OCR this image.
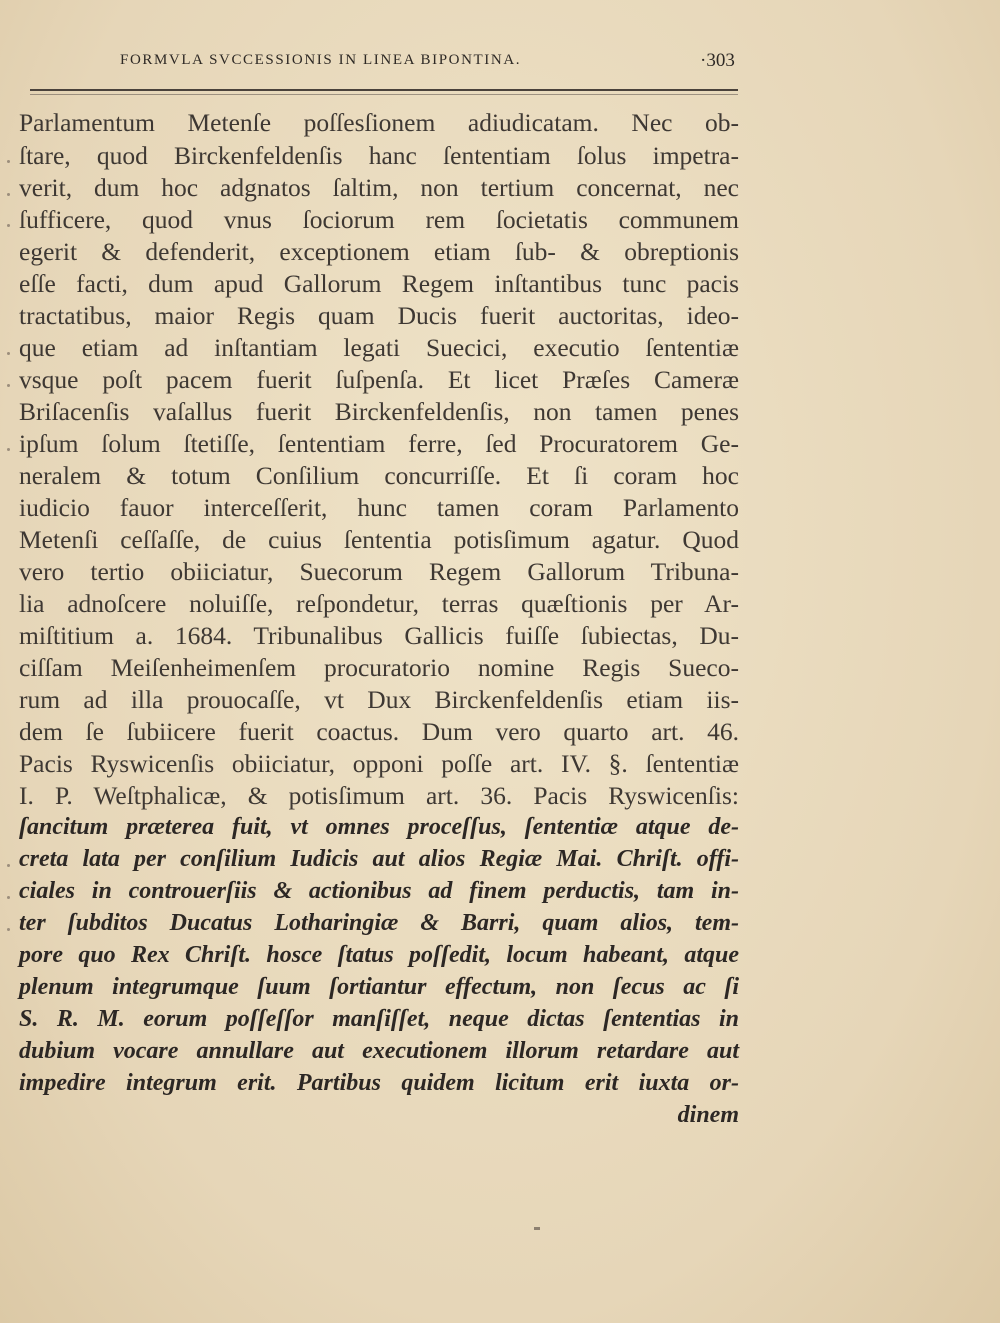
FORMVLA SVCCESSIONIS IN LINEA BIPONTINA.	·303
Parlamentum Metenſe poſſesſionem adiudicatam. Nec ob-
ſtare, quod Birckenfeldenſis hanc ſententiam ſolus impetra-
verit, dum hoc adgnatos ſaltim, non tertium concernat, nec
ſufficere, quod vnus ſociorum rem ſocietatis communem
egerit & defenderit, exceptionem etiam ſub- & obreptionis
eſſe facti, dum apud Gallorum Regem inſtantibus tunc pacis
tractatibus, maior Regis quam Ducis fuerit auctoritas, ideo-
que etiam ad inſtantiam legati Suecici, executio ſententiæ
vsque poſt pacem fuerit ſuſpenſa. Et licet Præſes Cameræ
Briſacenſis vaſallus fuerit Birckenfeldenſis, non tamen penes
ipſum ſolum ſtetiſſe, ſententiam ferre, ſed Procuratorem Ge-
neralem & totum Conſilium concurriſſe. Et ſi coram hoc
iudicio fauor interceſſerit, hunc tamen coram Parlamento
Metenſi ceſſaſſe, de cuius ſententia potisſimum agatur. Quod
vero tertio obiiciatur, Suecorum Regem Gallorum Tribuna-
lia adnoſcere noluiſſe, reſpondetur, terras quæſtionis per Ar-
miſtitium a. 1684. Tribunalibus Gallicis fuiſſe ſubiectas, Du-
ciſſam Meiſenheimenſem procuratorio nomine Regis Sueco-
rum ad illa prouocaſſe, vt Dux Birckenfeldenſis etiam iis-
dem ſe ſubiicere fuerit coactus. Dum vero quarto art. 46.
Pacis Ryswicenſis obiiciatur, opponi poſſe art. IV. §. ſententiæ
I. P. Weſtphalicæ, & potisſimum art. 36. Pacis Ryswicenſis:
ſancitum præterea fuit, vt omnes proceſſus, ſententiæ atque de-
creta lata per conſilium Iudicis aut alios Regiæ Mai. Chriſt. offi-
ciales in controuerſiis & actionibus ad finem perductis, tam in-
ter ſubditos Ducatus Lotharingiæ & Barri, quam alios, tem-
pore quo Rex Chriſt. hosce ſtatus poſſedit, locum habeant, atque
plenum integrumque ſuum ſortiantur effectum, non ſecus ac ſi
S. R. M. eorum poſſeſſor manſiſſet, neque dictas ſententias in
dubium vocare annullare aut executionem illorum retardare aut
impedire integrum erit. Partibus quidem licitum erit iuxta or-
dinem
